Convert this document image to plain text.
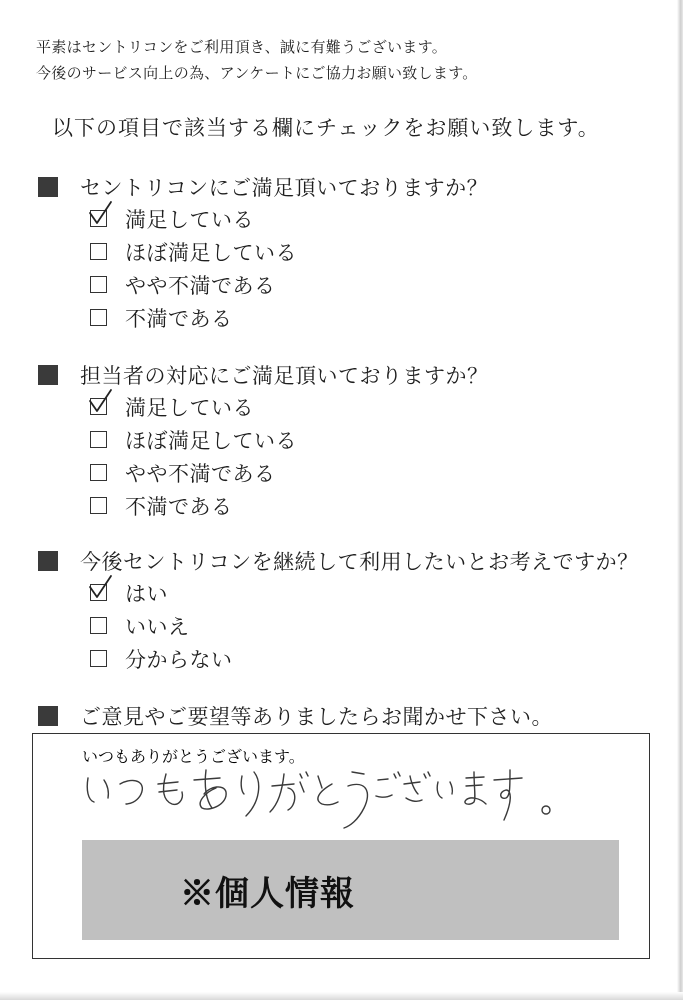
平素はセントリコンをご利用頂き、誠に有難うございます。
今後のサービス向上の為、アンケートにご協力お願い致します。
以下の項目で該当する欄にチェックをお願い致します。
セントリコンにご満足頂いておりますか？
満足している
ほぼ満足している
やや不満である
不満である
担当者の対応にご満足頂いておりますか？
満足している
ほぼ満足している
やや不満である
不満である
今後セントリコンを継続して利用したいとお考えですか？
はい
いいえ
分からない
ご意見やご要望等ありましたらお聞かせ下さい。
いつもありがとうございます。
※個人情報
